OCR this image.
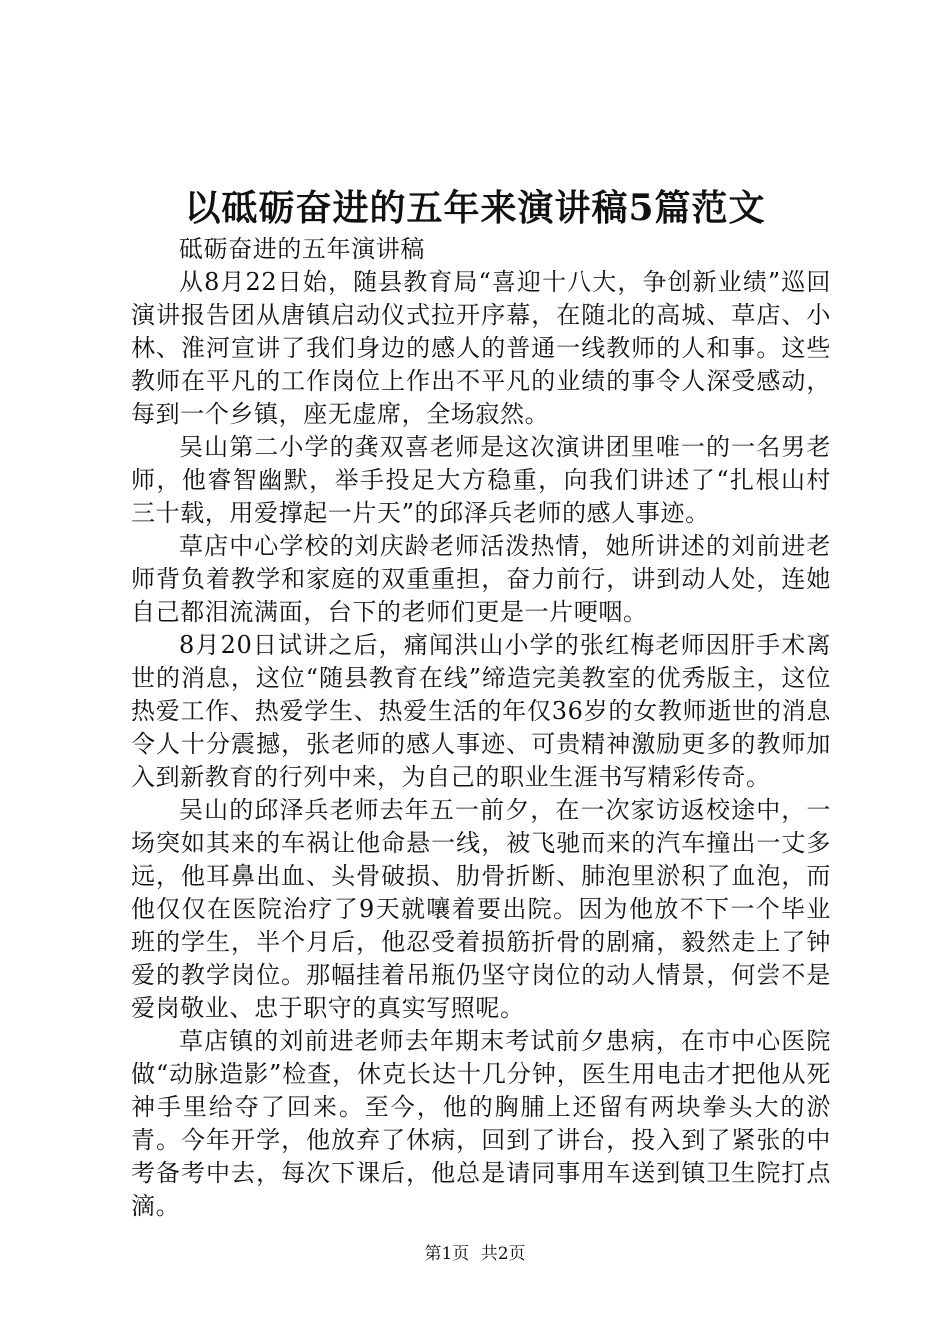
以砥砺奋进的五年来演讲稿5篇范文

砥砺奋进的五年演讲稿

从8月22日始，随县教育局“喜迎十八大，争创新业绩”巡回演讲报告团从唐镇启动仪式拉开序幕，在随北的高城、草店、小林、淮河宣讲了我们身边的感人的普通一线教师的人和事。这些教师在平凡的工作岗位上作出不平凡的业绩的事令人深受感动，每到一个乡镇，座无虚席，全场寂然。

吴山第二小学的龚双喜老师是这次演讲团里唯一的一名男老师，他睿智幽默，举手投足大方稳重，向我们讲述了“扎根山村三十载，用爱撑起一片天”的邱泽兵老师的感人事迹。

草店中心学校的刘庆龄老师活泼热情，她所讲述的刘前进老师背负着教学和家庭的双重重担，奋力前行，讲到动人处，连她自己都泪流满面，台下的老师们更是一片哽咽。

8月20日试讲之后，痛闻洪山小学的张红梅老师因肝手术离世的消息，这位“随县教育在线”缔造完美教室的优秀版主，这位热爱工作、热爱学生、热爱生活的年仅36岁的女教师逝世的消息令人十分震撼，张老师的感人事迹、可贵精神激励更多的教师加入到新教育的行列中来，为自己的职业生涯书写精彩传奇。

吴山的邱泽兵老师去年五一前夕，在一次家访返校途中，一场突如其来的车祸让他命悬一线，被飞驰而来的汽车撞出一丈多远，他耳鼻出血、头骨破损、肋骨折断、肺泡里淤积了血泡，而他仅仅在医院治疗了9天就嚷着要出院。因为他放不下一个毕业班的学生，半个月后，他忍受着损筋折骨的剧痛，毅然走上了钟爱的教学岗位。那幅挂着吊瓶仍坚守岗位的动人情景，何尝不是爱岗敬业、忠于职守的真实写照呢。

草店镇的刘前进老师去年期末考试前夕患病，在市中心医院做“动脉造影”检查，休克长达十几分钟，医生用电击才把他从死神手里给夺了回来。至今，他的胸脯上还留有两块拳头大的淤青。今年开学，他放弃了休病，回到了讲台，投入到了紧张的中考备考中去，每次下课后，他总是请同事用车送到镇卫生院打点滴。

第1页 共2页
